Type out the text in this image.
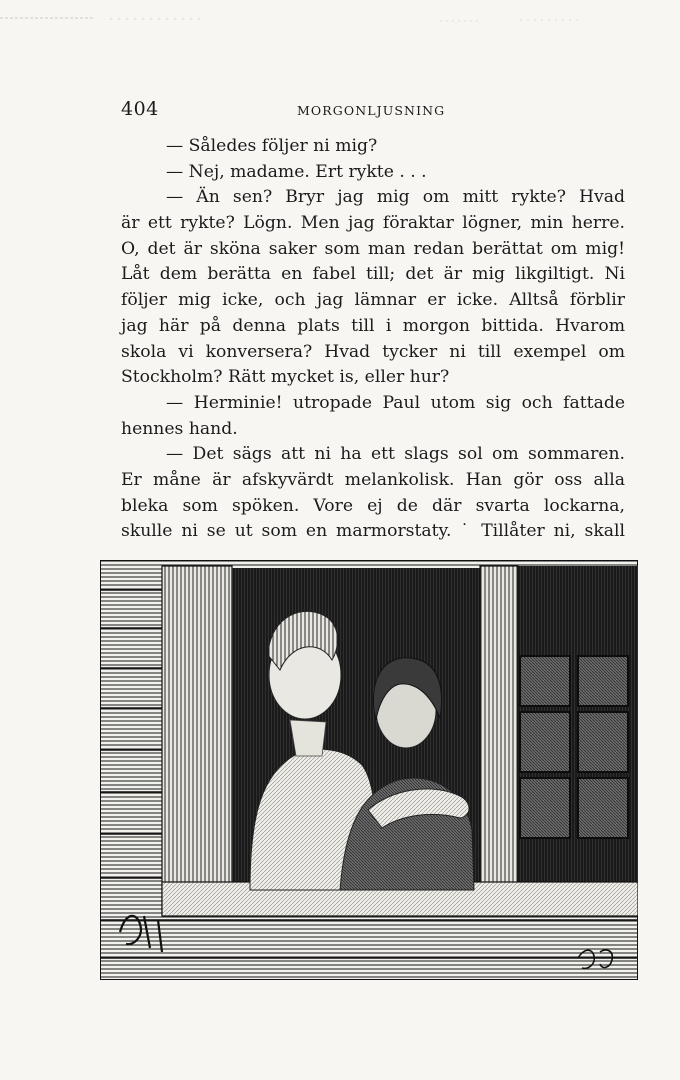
404	MORGONLJUSNING
— Således följer ni mig?
— Nej, madame. Ert rykte . . .
— Än sen? Bryr jag mig om mitt rykte? Hvad
är ett rykte? Lögn. Men jag föraktar lögner, min herre.
O, det är sköna saker som man redan berättat om mig!
Låt dem berätta en fabel till; det är mig likgiltigt. Ni
följer mig icke, och jag lämnar er icke. Alltså förblir
jag här på denna plats till i morgon bittida. Hvarom
skola vi konversera? Hvad tycker ni till exempel om
Stockholm? Rätt mycket is, eller hur?
— Herminie! utropade Paul utom sig och fattade
hennes hand.
— Det sägs att ni ha ett slags sol om sommaren.
Er måne är afskyvärdt melankolisk. Han gör oss alla
bleka som spöken. Vore ej de där svarta lockarna,
skulle ni se ut som en marmorstaty. ˙ Tillåter ni, skall
